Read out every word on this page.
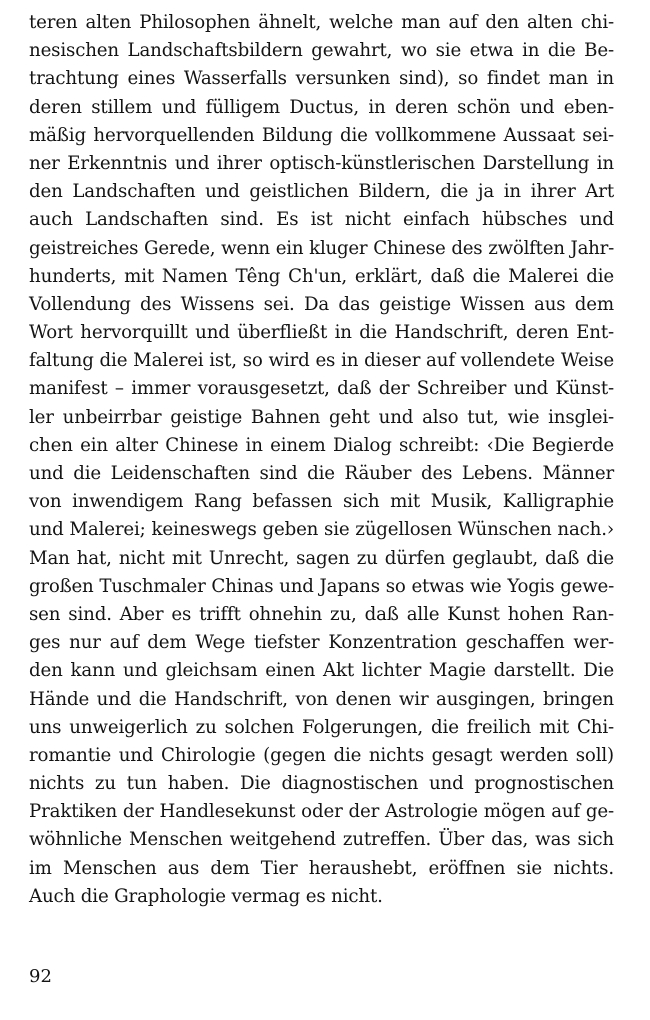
teren alten Philosophen ähnelt, welche man auf den alten chi-
nesischen Landschaftsbildern gewahrt, wo sie etwa in die Be-
trachtung eines Wasserfalls versunken sind), so findet man in
deren stillem und fülligem Ductus, in deren schön und eben-
mäßig hervorquellenden Bildung die vollkommene Aussaat sei-
ner Erkenntnis und ihrer optisch-künstlerischen Darstellung in
den Landschaften und geistlichen Bildern, die ja in ihrer Art
auch Landschaften sind. Es ist nicht einfach hübsches und
geistreiches Gerede, wenn ein kluger Chinese des zwölften Jahr-
hunderts, mit Namen Têng Ch'un, erklärt, daß die Malerei die
Vollendung des Wissens sei. Da das geistige Wissen aus dem
Wort hervorquillt und überfließt in die Handschrift, deren Ent-
faltung die Malerei ist, so wird es in dieser auf vollendete Weise
manifest – immer vorausgesetzt, daß der Schreiber und Künst-
ler unbeirrbar geistige Bahnen geht und also tut, wie insglei-
chen ein alter Chinese in einem Dialog schreibt: ‹Die Begierde
und die Leidenschaften sind die Räuber des Lebens. Männer
von inwendigem Rang befassen sich mit Musik, Kalligraphie
und Malerei; keineswegs geben sie zügellosen Wünschen nach.›
Man hat, nicht mit Unrecht, sagen zu dürfen geglaubt, daß die
großen Tuschmaler Chinas und Japans so etwas wie Yogis gewe-
sen sind. Aber es trifft ohnehin zu, daß alle Kunst hohen Ran-
ges nur auf dem Wege tiefster Konzentration geschaffen wer-
den kann und gleichsam einen Akt lichter Magie darstellt. Die
Hände und die Handschrift, von denen wir ausgingen, bringen
uns unweigerlich zu solchen Folgerungen, die freilich mit Chi-
romantie und Chirologie (gegen die nichts gesagt werden soll)
nichts zu tun haben. Die diagnostischen und prognostischen
Praktiken der Handlesekunst oder der Astrologie mögen auf ge-
wöhnliche Menschen weitgehend zutreffen. Über das, was sich
im Menschen aus dem Tier heraushebt, eröffnen sie nichts.
Auch die Graphologie vermag es nicht.
92
